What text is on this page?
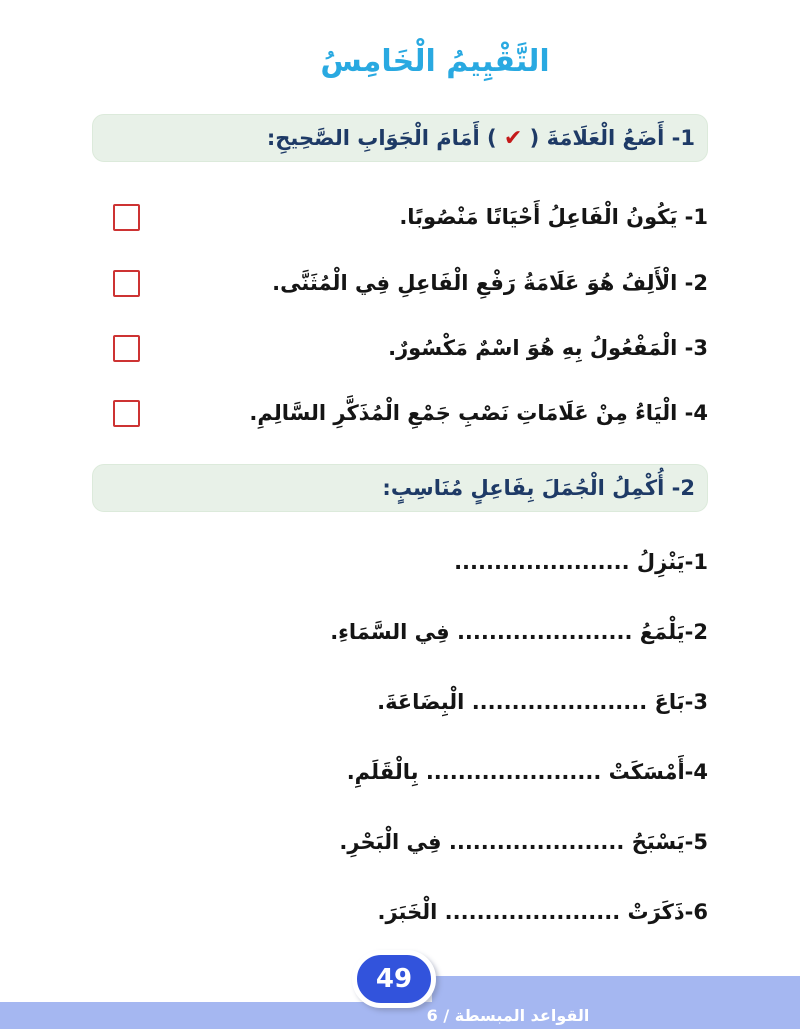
التَّقْيِيمُ الْخَامِسُ
1- أَضَعُ الْعَلَامَةَ ( ✔ ) أَمَامَ الْجَوَابِ الصَّحِيحِ:
1- يَكُونُ الْفَاعِلُ أَحْيَانًا مَنْصُوبًا.
2- الْأَلِفُ هُوَ عَلَامَةُ رَفْعِ الْفَاعِلِ فِي الْمُثَنَّى.
3- الْمَفْعُولُ بِهِ هُوَ اسْمٌ مَكْسُورٌ.
4- الْيَاءُ مِنْ عَلَامَاتِ نَصْبِ جَمْعِ الْمُذَكَّرِ السَّالِمِ.
2- أُكْمِلُ الْجُمَلَ بِفَاعِلٍ مُنَاسِبٍ:
1-يَنْزِلُ ......................
2-يَلْمَعُ ...................... فِي السَّمَاءِ.
3-بَاعَ ...................... الْبِضَاعَةَ.
4-أَمْسَكَتْ ...................... بِالْقَلَمِ.
5-يَسْبَحُ ...................... فِي الْبَحْرِ.
6-ذَكَرَتْ ...................... الْخَبَرَ.
49
القواعد المبسطة / 6
